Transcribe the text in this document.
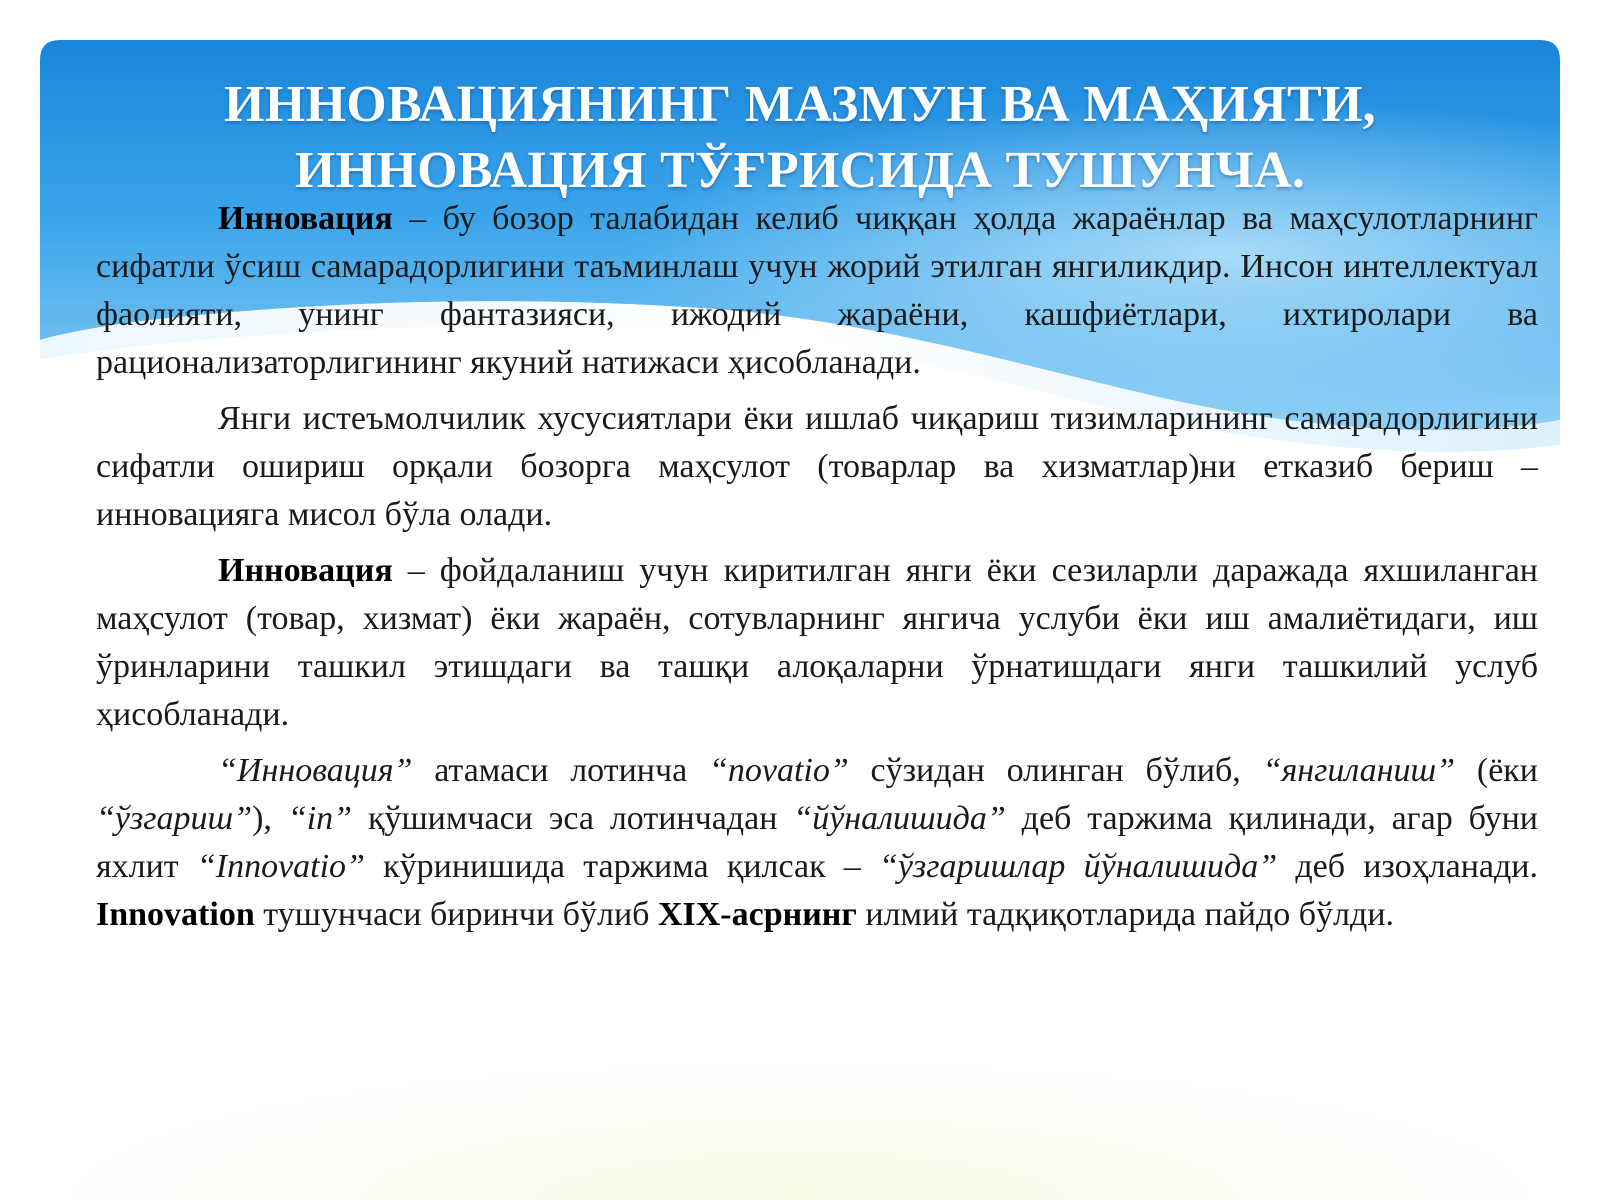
ИННОВАЦИЯНИНГ МАЗМУН ВА МАҲИЯТИ,
ИННОВАЦИЯ ТЎҒРИСИДА ТУШУНЧА.

Инновация – бу бозор талабидан келиб чиққан ҳолда жараёнлар ва маҳсулотларнинг сифатли ўсиш самарадорлигини таъминлаш учун жорий этилган янгиликдир. Инсон интеллектуал фаолияти, унинг фантазияси, ижодий жараёни, кашфиётлари, ихтиролари ва рационализаторлигининг якуний натижаси ҳисобланади.

Янги истеъмолчилик хусусиятлари ёки ишлаб чиқариш тизимларининг самарадорлигини сифатли ошириш орқали бозорга маҳсулот (товарлар ва хизматлар)ни етказиб бериш – инновацияга мисол бўла олади.

Инновация – фойдаланиш учун киритилган янги ёки сезиларли даражада яхшиланган маҳсулот (товар, хизмат) ёки жараён, сотувларнинг янгича услуби ёки иш амалиётидаги, иш ўринларини ташкил этишдаги ва ташқи алоқаларни ўрнатишдаги янги ташкилий услуб ҳисобланади.

“Инновация” атамаси лотинча “novatio” сўзидан олинган бўлиб, “янгиланиш” (ёки “ўзгариш”), “in” қўшимчаси эса лотинчадан “йўналишида” деб таржима қилинади, агар буни яхлит “Innovatio” кўринишида таржима қилсак – “ўзгаришлар йўналишида” деб изоҳланади. Innovation тушунчаси биринчи бўлиб XIX-асрнинг илмий тадқиқотларида пайдо бўлди.
